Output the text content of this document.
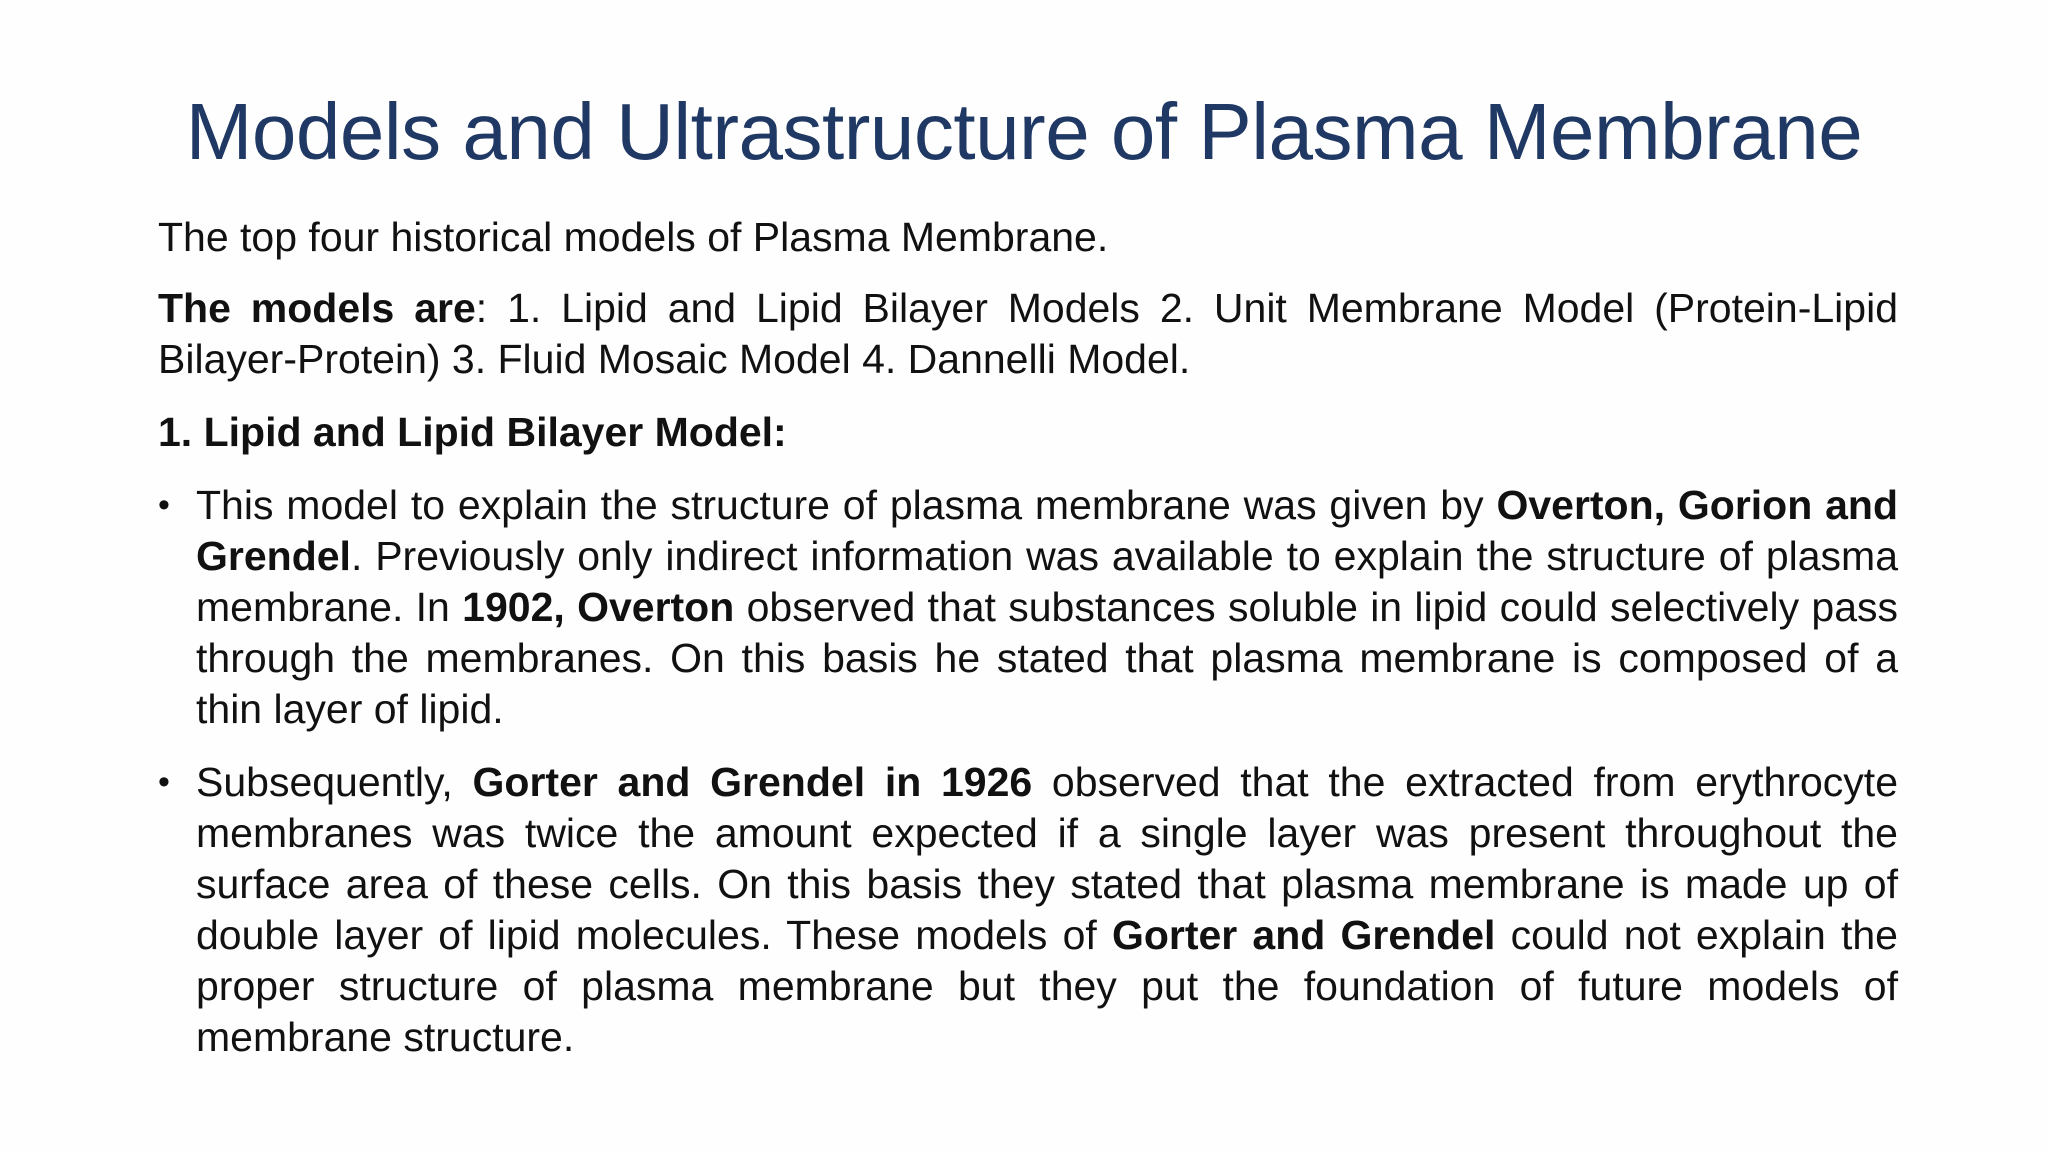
Models and Ultrastructure of Plasma Membrane

The top four historical models of Plasma Membrane.

The models are: 1. Lipid and Lipid Bilayer Models 2. Unit Membrane Model (Protein-Lipid Bilayer-Protein) 3. Fluid Mosaic Model 4. Dannelli Model.

1. Lipid and Lipid Bilayer Model:

• This model to explain the structure of plasma membrane was given by Overton, Gorion and Grendel. Previously only indirect information was available to explain the structure of plasma membrane. In 1902, Overton observed that substances soluble in lipid could selectively pass through the membranes. On this basis he stated that plasma membrane is composed of a thin layer of lipid.
• Subsequently, Gorter and Grendel in 1926 observed that the extracted from erythrocyte membranes was twice the amount expected if a single layer was present throughout the surface area of these cells. On this basis they stated that plasma membrane is made up of double layer of lipid molecules. These models of Gorter and Grendel could not explain the proper structure of plasma membrane but they put the foundation of future models of membrane structure.
